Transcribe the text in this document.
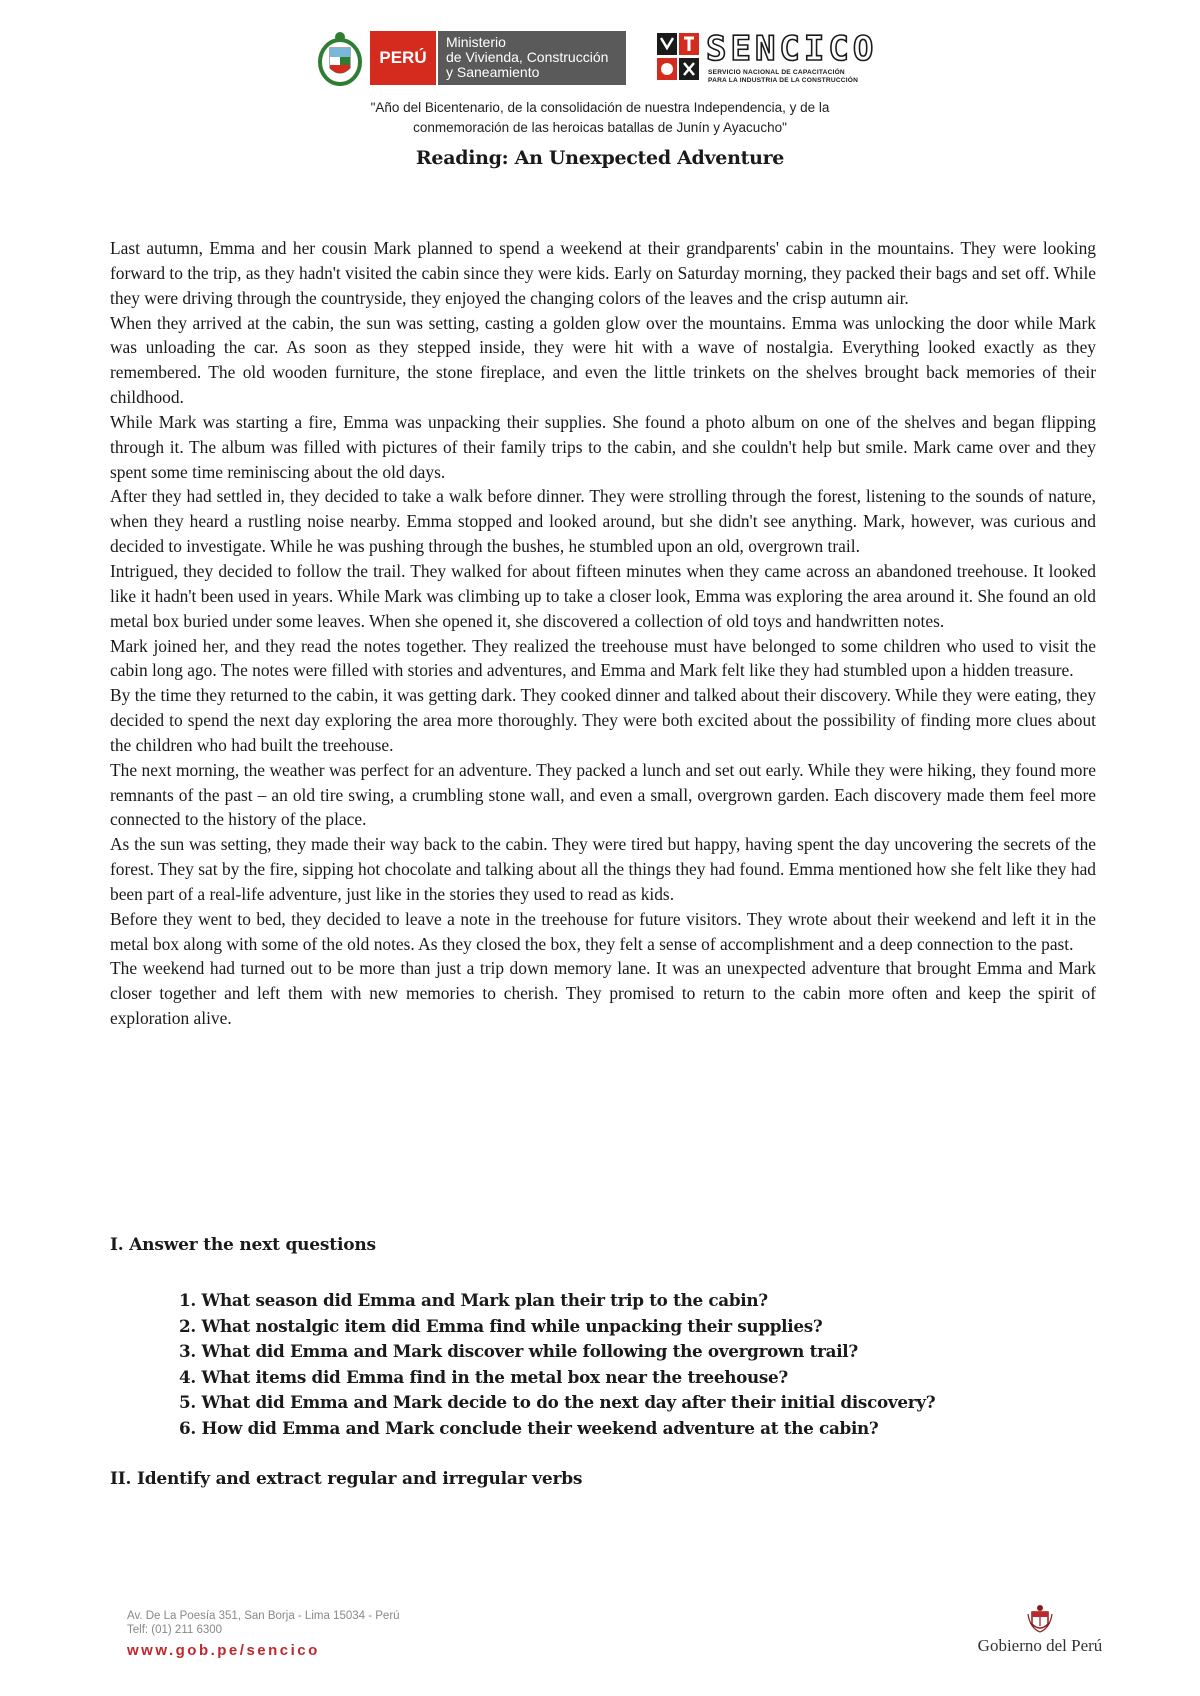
PERÚ
Ministerio
de Vivienda, Construcción
y Saneamiento
SENCICO
SERVICIO NACIONAL DE CAPACITACIÓN
PARA LA INDUSTRIA DE LA CONSTRUCCIÓN
"Año del Bicentenario, de la consolidación de nuestra Independencia, y de la
conmemoración de las heroicas batallas de Junín y Ayacucho"
Reading: An Unexpected Adventure

Last autumn, Emma and her cousin Mark planned to spend a weekend at their grandparents' cabin in the mountains. They were looking forward to the trip, as they hadn't visited the cabin since they were kids. Early on Saturday morning, they packed their bags and set off. While they were driving through the countryside, they enjoyed the changing colors of the leaves and the crisp autumn air.

When they arrived at the cabin, the sun was setting, casting a golden glow over the mountains. Emma was unlocking the door while Mark was unloading the car. As soon as they stepped inside, they were hit with a wave of nostalgia. Everything looked exactly as they remembered. The old wooden furniture, the stone fireplace, and even the little trinkets on the shelves brought back memories of their childhood.

While Mark was starting a fire, Emma was unpacking their supplies. She found a photo album on one of the shelves and began flipping through it. The album was filled with pictures of their family trips to the cabin, and she couldn't help but smile. Mark came over and they spent some time reminiscing about the old days.

After they had settled in, they decided to take a walk before dinner. They were strolling through the forest, listening to the sounds of nature, when they heard a rustling noise nearby. Emma stopped and looked around, but she didn't see anything. Mark, however, was curious and decided to investigate. While he was pushing through the bushes, he stumbled upon an old, overgrown trail.

Intrigued, they decided to follow the trail. They walked for about fifteen minutes when they came across an abandoned treehouse. It looked like it hadn't been used in years. While Mark was climbing up to take a closer look, Emma was exploring the area around it. She found an old metal box buried under some leaves. When she opened it, she discovered a collection of old toys and handwritten notes.

Mark joined her, and they read the notes together. They realized the treehouse must have belonged to some children who used to visit the cabin long ago. The notes were filled with stories and adventures, and Emma and Mark felt like they had stumbled upon a hidden treasure.

By the time they returned to the cabin, it was getting dark. They cooked dinner and talked about their discovery. While they were eating, they decided to spend the next day exploring the area more thoroughly. They were both excited about the possibility of finding more clues about the children who had built the treehouse.

The next morning, the weather was perfect for an adventure. They packed a lunch and set out early. While they were hiking, they found more remnants of the past – an old tire swing, a crumbling stone wall, and even a small, overgrown garden. Each discovery made them feel more connected to the history of the place.

As the sun was setting, they made their way back to the cabin. They were tired but happy, having spent the day uncovering the secrets of the forest. They sat by the fire, sipping hot chocolate and talking about all the things they had found. Emma mentioned how she felt like they had been part of a real-life adventure, just like in the stories they used to read as kids.

Before they went to bed, they decided to leave a note in the treehouse for future visitors. They wrote about their weekend and left it in the metal box along with some of the old notes. As they closed the box, they felt a sense of accomplishment and a deep connection to the past.

The weekend had turned out to be more than just a trip down memory lane. It was an unexpected adventure that brought Emma and Mark closer together and left them with new memories to cherish. They promised to return to the cabin more often and keep the spirit of exploration alive.

I. Answer the next questions
1. What season did Emma and Mark plan their trip to the cabin?
2. What nostalgic item did Emma find while unpacking their supplies?
3. What did Emma and Mark discover while following the overgrown trail?
4. What items did Emma find in the metal box near the treehouse?
5. What did Emma and Mark decide to do the next day after their initial discovery?
6. How did Emma and Mark conclude their weekend adventure at the cabin?
II. Identify and extract regular and irregular verbs
Av. De La Poesía 351, San Borja - Lima 15034 - Perú
Telf: (01) 211 6300
www.gob.pe/sencico	Gobierno del Perú
